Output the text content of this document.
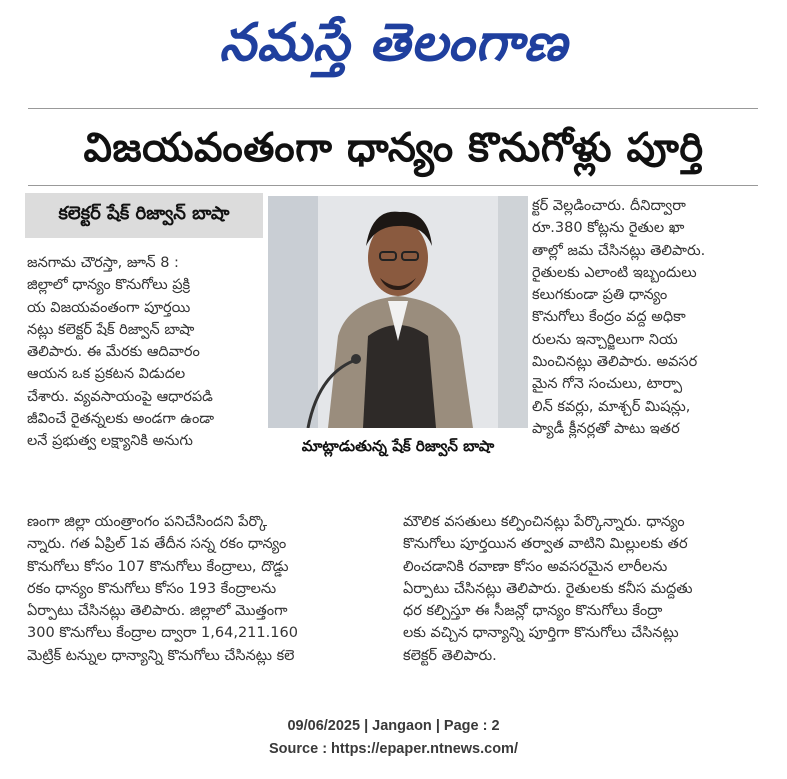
నమస్తే తెలంగాణ
విజయవంతంగా ధాన్యం కొనుగోళ్లు పూర్తి
కలెక్టర్ షేక్ రిజ్వాన్ బాషా
జనగామ చౌరస్తా, జూన్ 8 :
జిల్లాలో ధాన్యం కొనుగోలు ప్రక్రి
య విజయవంతంగా పూర్తయి
నట్లు కలెక్టర్ షేక్ రిజ్వాన్ బాషా
తెలిపారు. ఈ మేరకు ఆదివారం
ఆయన ఒక ప్రకటన విడుదల
చేశారు. వ్యవసాయంపై ఆధారపడి
జీవించే రైతన్నలకు అండగా ఉండా
లనే ప్రభుత్వ లక్ష్యానికి అనుగు	మాట్లాడుతున్న షేక్ రిజ్వాన్ బాషా
క్టర్ వెల్లడించారు. దీనిద్వారా
రూ.380 కోట్లను రైతుల ఖా
తాల్లో జమ చేసినట్లు తెలిపారు.
రైతులకు ఎలాంటి ఇబ్బందులు
కలుగకుండా ప్రతి ధాన్యం
కొనుగోలు కేంద్రం వద్ద అధికా
రులను ఇన్చార్జిలుగా నియ
మించినట్లు తెలిపారు. అవసర
మైన గోనె సంచులు, టార్పా
లిన్ కవర్లు, మాశ్చర్ మిషన్లు,
ప్యాడీ క్లీనర్లతో పాటు ఇతర
ణంగా జిల్లా యంత్రాంగం పనిచేసిందని పేర్కొ
న్నారు. గత ఏప్రిల్ 1వ తేదీన సన్న రకం ధాన్యం
కొనుగోలు కోసం 107 కొనుగోలు కేంద్రాలు, దొడ్డు
రకం ధాన్యం కొనుగోలు కోసం 193 కేంద్రాలను
ఏర్పాటు చేసినట్లు తెలిపారు. జిల్లాలో మొత్తంగా
300 కొనుగోలు కేంద్రాల ద్వారా 1,64,211.160
మెట్రిక్ టన్నుల ధాన్యాన్ని కొనుగోలు చేసినట్లు కలె
మౌలిక వసతులు కల్పించినట్లు పేర్కొన్నారు. ధాన్యం
కొనుగోలు పూర్తయిన తర్వాత వాటిని మిల్లులకు తర
లించడానికి రవాణా కోసం అవసరమైన లారీలను
ఏర్పాటు చేసినట్లు తెలిపారు. రైతులకు కనీస మద్దతు
ధర కల్పిస్తూ ఈ సీజన్లో ధాన్యం కొనుగోలు కేంద్రా
లకు వచ్చిన ధాన్యాన్ని పూర్తిగా కొనుగోలు చేసినట్లు
కలెక్టర్ తెలిపారు.
09/06/2025 | Jangaon | Page : 2
Source : https://epaper.ntnews.com/
